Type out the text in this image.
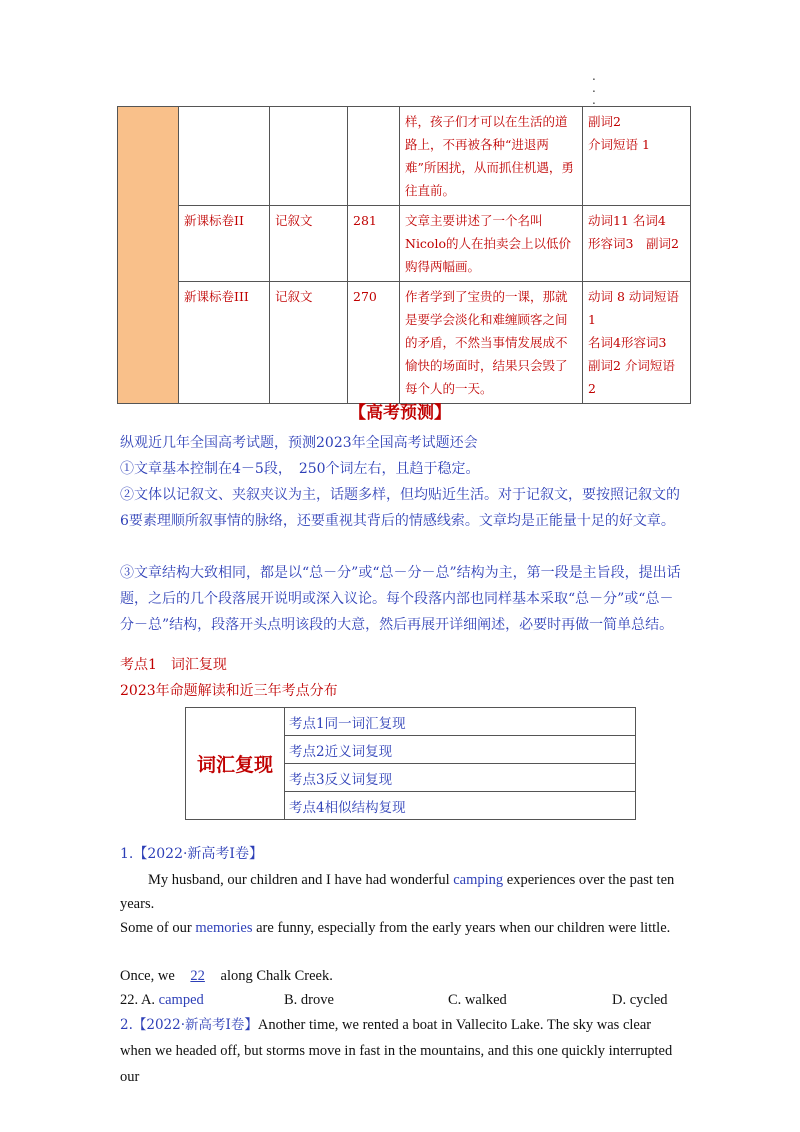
.
.
.
				样，孩子们才可以在生活的道路上，不再被各种“进退两难”所困扰，从而抓住机遇，勇往直前。	副词2
介词短语 1

	新课标卷II	记叙文	281	文章主要讲述了一个名叫Nicolo的人在拍卖会上以低价购得两幅画。	动词11 名词4
形容词3　副词2

	新课标卷III	记叙文	270	作者学到了宝贵的一课，那就是要学会淡化和难缠顾客之间的矛盾，不然当事情发展成不愉快的场面时，结果只会毁了每个人的一天。	动词 8 动词短语 1
名词4形容词3
副词2 介词短语 2
【高考预测】
纵观近几年全国高考试题，预测2023年全国高考试题还会
①文章基本控制在4－5段，　250个词左右，且趋于稳定。
②文体以记叙文、夹叙夹议为主，话题多样，但均贴近生活。对于记叙文，要按照记叙文的6要素理顺所叙事情的脉络，还要重视其背后的情感线索。文章均是正能量十足的好文章。
③文章结构大致相同，都是以“总－分”或“总－分－总”结构为主，第一段是主旨段，提出话题，之后的几个段落展开说明或深入议论。每个段落内部也同样基本采取“总－分”或“总－分－总”结构，段落开头点明该段的大意，然后再展开详细阐述，必要时再做一简单总结。
考点1　词汇复现
2023年命题解读和近三年考点分布
词汇复现	考点1同一词汇复现
考点2近义词复现
考点3反义词复现
考点4相似结构复现
1.【2022·新高考I卷】
My husband, our children and I have had wonderful camping experiences over the past ten years.
Some of our memories are funny, especially from the early years when our children were little.
Once, we 22 along Chalk Creek.
22. A. camped	B. drove	C. walked	D. cycled
2.【2022·新高考I卷】Another time, we rented a boat in Vallecito Lake. The sky was clear when we headed off, but storms move in fast in the mountains, and this one quickly interrupted our
